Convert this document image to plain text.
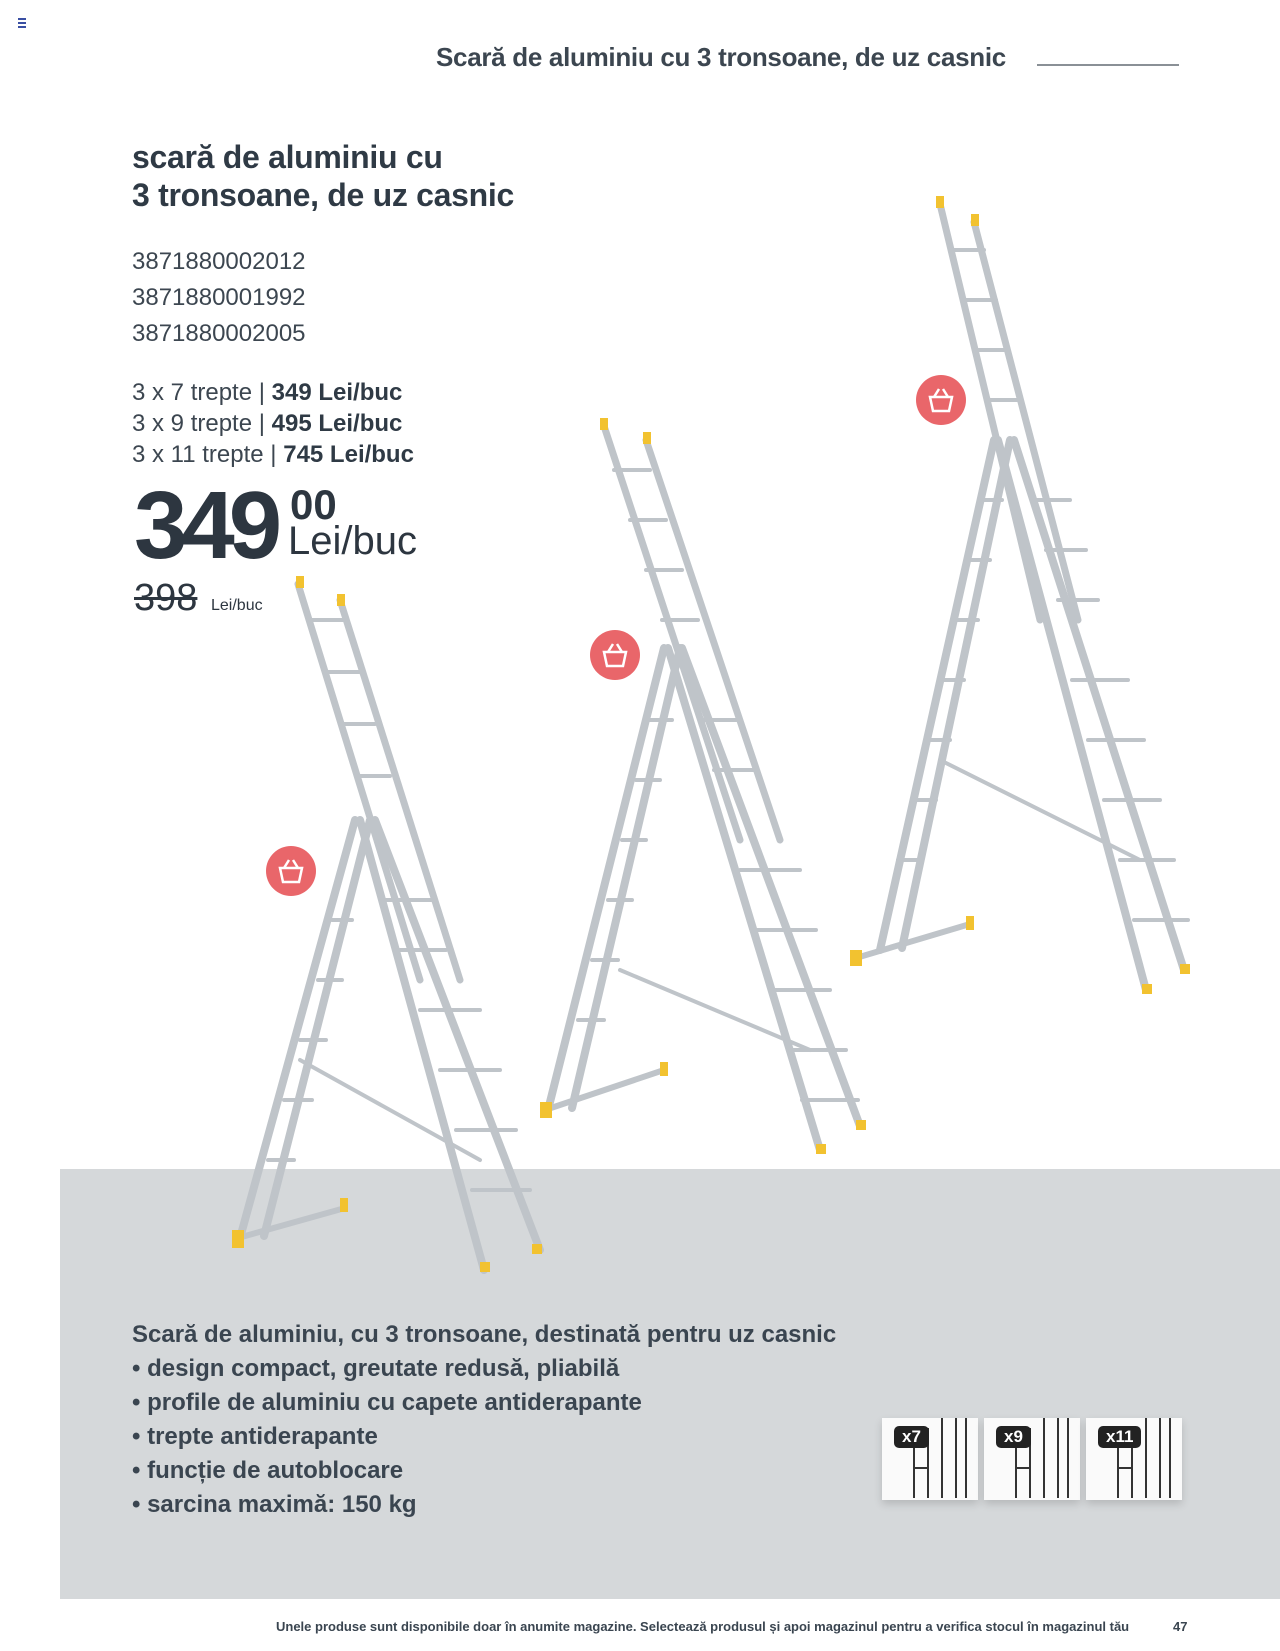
Scară de aluminiu cu 3 tronsoane, de uz casnic
scară de aluminiu cu
3 tronsoane, de uz casnic
3871880002012
3871880001992
3871880002005
3 x 7 trepte | 349 Lei/buc
3 x 9 trepte | 495 Lei/buc
3 x 11 trepte | 745 Lei/buc
349 00
Lei/buc
398 Lei/buc
Scară de aluminiu, cu 3 tronsoane, destinată pentru uz casnic
• design compact, greutate redusă, pliabilă
• profile de aluminiu cu capete antiderapante
• trepte antiderapante
• funcție de autoblocare
• sarcina maximă: 150 kg
x7	x9	x11
Unele produse sunt disponibile doar în anumite magazine. Selectează produsul și apoi magazinul pentru a verifica stocul în magazinul tău	47
